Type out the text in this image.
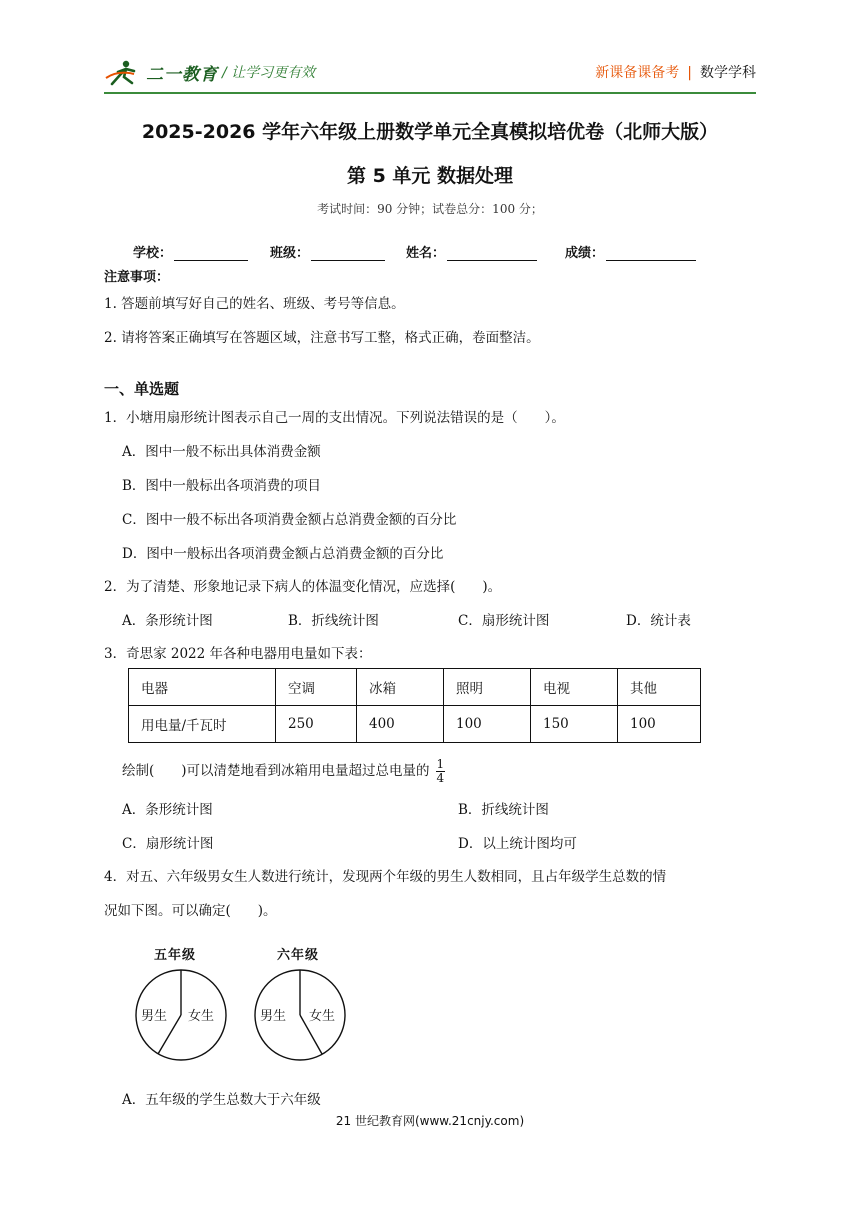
二一教育 / 让学习更有效	新课备课备考 | 数学学科
2025-2026 学年六年级上册数学单元全真模拟培优卷（北师大版）
第 5 单元 数据处理
考试时间：90 分钟；试卷总分：100 分；
学校：	班级：	姓名：	成绩：
注意事项：
1. 答题前填写好自己的姓名、班级、考号等信息。
2. 请将答案正确填写在答题区域，注意书写工整，格式正确，卷面整洁。
一、单选题
1．小塘用扇形统计图表示自己一周的支出情况。下列说法错误的是（　　）。
A．图中一般不标出具体消费金额
B．图中一般标出各项消费的项目
C．图中一般不标出各项消费金额占总消费金额的百分比
D．图中一般标出各项消费金额占总消费金额的百分比
2．为了清楚、形象地记录下病人的体温变化情况，应选择(　　)。
A．条形统计图	B．折线统计图	C．扇形统计图	D．统计表
3．奇思家 2022 年各种电器用电量如下表：
电器	空调	冰箱	照明	电视	其他
用电量/千瓦时	250	400	100	150	100
绘制(　　)可以清楚地看到冰箱用电量超过总电量的 $\frac{1}{4}$
A．条形统计图	B．折线统计图
C．扇形统计图	D．以上统计图均可
4．对五、六年级男女生人数进行统计，发现两个年级的男生人数相同，且占年级学生总数的情
况如下图。可以确定(　　)。
五年级
男生 女生
六年级
男生 女生
A．五年级的学生总数大于六年级
21 世纪教育网(www.21cnjy.com)
